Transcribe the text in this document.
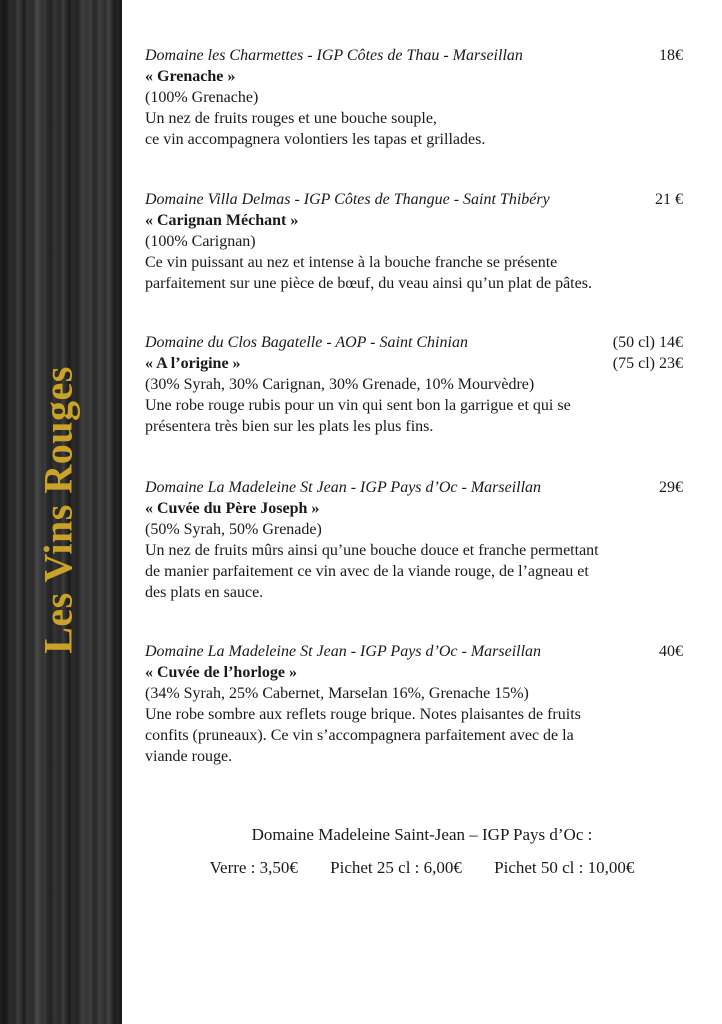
Les Vins Rouges
Domaine les Charmettes - IGP Côtes de Thau - Marseillan	18€
« Grenache »
(100% Grenache)
Un nez de fruits rouges et une bouche souple,
ce vin accompagnera volontiers les tapas et grillades.
Domaine Villa Delmas - IGP Côtes de Thangue - Saint Thibéry	21 €
« Carignan Méchant »
(100% Carignan)
Ce vin puissant au nez et intense à la bouche franche se présente
parfaitement sur une pièce de bœuf, du veau ainsi qu’un plat de pâtes.
Domaine du Clos Bagatelle - AOP - Saint Chinian	(50 cl) 14€
« A l’origine »	(75 cl) 23€
(30% Syrah, 30% Carignan, 30% Grenade, 10% Mourvèdre)
Une robe rouge rubis pour un vin qui sent bon la garrigue et qui se
présentera très bien sur les plats les plus fins.
Domaine La Madeleine St Jean - IGP Pays d’Oc - Marseillan	29€
« Cuvée du Père Joseph »
(50% Syrah, 50% Grenade)
Un nez de fruits mûrs ainsi qu’une bouche douce et franche permettant
de manier parfaitement ce vin avec de la viande rouge, de l’agneau et
des plats en sauce.
Domaine La Madeleine St Jean - IGP Pays d’Oc - Marseillan	40€
« Cuvée de l’horloge »
(34% Syrah, 25% Cabernet, Marselan 16%, Grenache 15%)
Une robe sombre aux reflets rouge brique. Notes plaisantes de fruits
confits (pruneaux). Ce vin s’accompagnera parfaitement avec de la
viande rouge.
Domaine Madeleine Saint-Jean – IGP Pays d’Oc :
Verre : 3,50€ Pichet 25 cl : 6,00€ Pichet 50 cl : 10,00€
